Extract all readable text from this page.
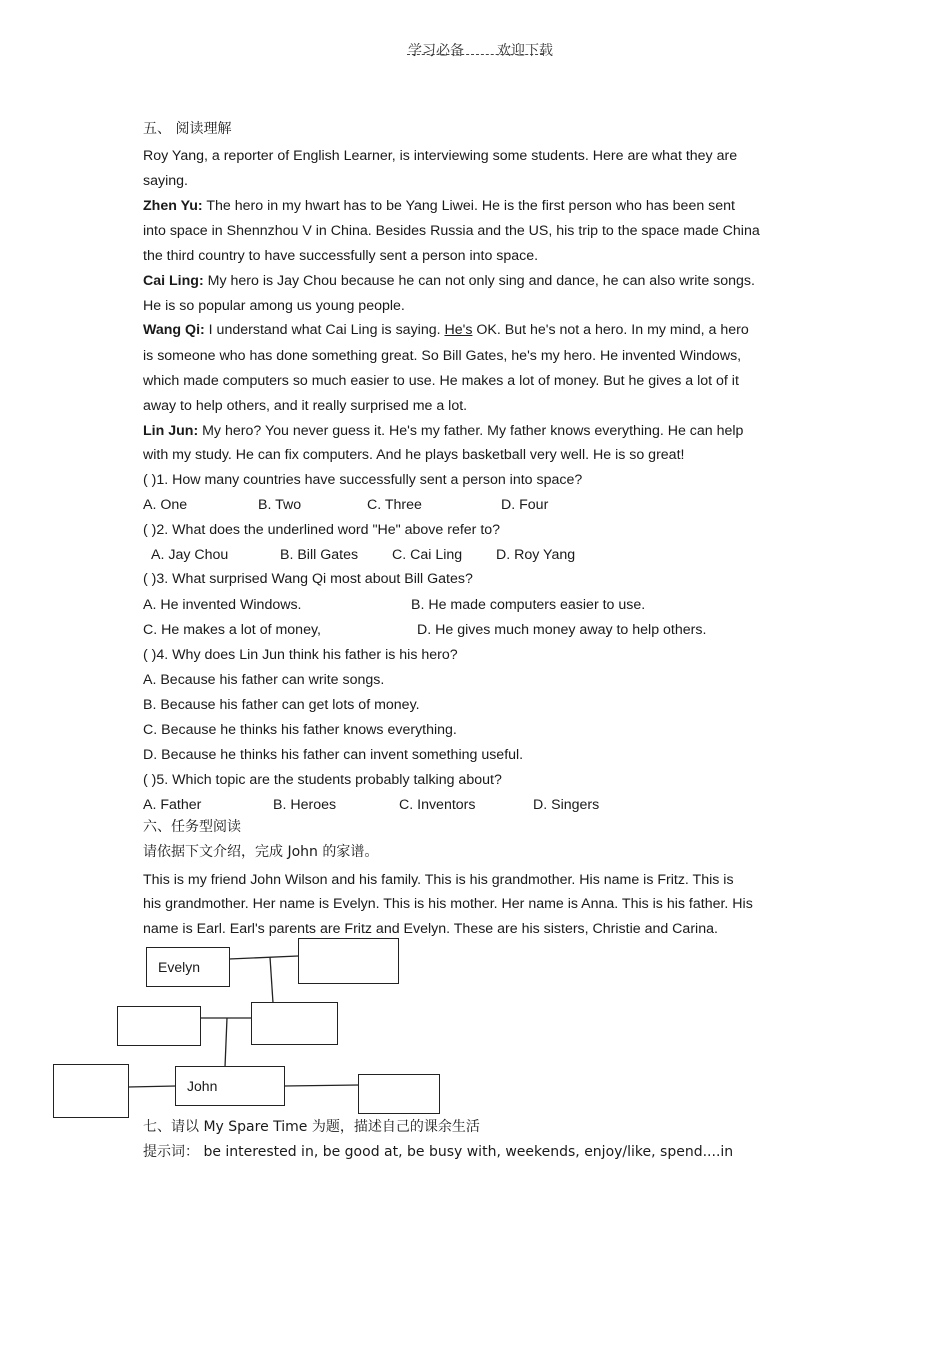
学习必备 欢迎下载
五、 阅读理解
Roy Yang, a reporter of English Learner, is interviewing some students. Here are what they are
saying.
Zhen Yu: The hero in my hwart has to be Yang Liwei. He is the first person who has been sent
into space in Shennzhou V in China. Besides Russia and the US, his trip to the space made China
the third country to have successfully sent a person into space.
Cai Ling: My hero is Jay Chou because he can not only sing and dance, he can also write songs.
He is so popular among us young people.
Wang Qi: I understand what Cai Ling is saying. He's OK. But he's not a hero. In my mind, a hero
is someone who has done something great. So Bill Gates, he's my hero. He invented Windows,
which made computers so much easier to use. He makes a lot of money. But he gives a lot of it
away to help others, and it really surprised me a lot.
Lin Jun: My hero? You never guess it. He's my father. My father knows everything. He can help
with my study. He can fix computers. And he plays basketball very well. He is so great!
( )1. How many countries have successfully sent a person into space?
A. One	B. Two	C. Three	D. Four
( )2. What does the underlined word "He" above refer to?
A. Jay Chou	B. Bill Gates C. Cai Ling D. Roy Yang
( )3. What surprised Wang Qi most about Bill Gates?
A. He invented Windows.	B. He made computers easier to use.
C. He makes a lot of money,	D. He gives much money away to help others.
( )4. Why does Lin Jun think his father is his hero?
A. Because his father can write songs.
B. Because his father can get lots of money.
C. Because he thinks his father knows everything.
D. Because he thinks his father can invent something useful.
( )5. Which topic are the students probably talking about?
A. Father	B. Heroes	C. Inventors	D. Singers
六、任务型阅读
请依据下文介绍，完成 John 的家谱。
This is my friend John Wilson and his family. This is his grandmother. His name is Fritz. This is
his grandmother. Her name is Evelyn. This is his mother. Her name is Anna. This is his father. His
name is Earl. Earl's parents are Fritz and Evelyn. These are his sisters, Christie and Carina.
Evelyn
John
七、请以 My Spare Time 为题，描述自己的课余生活
提示词： be interested in, be good at, be busy with, weekends, enjoy/like, spend....in
